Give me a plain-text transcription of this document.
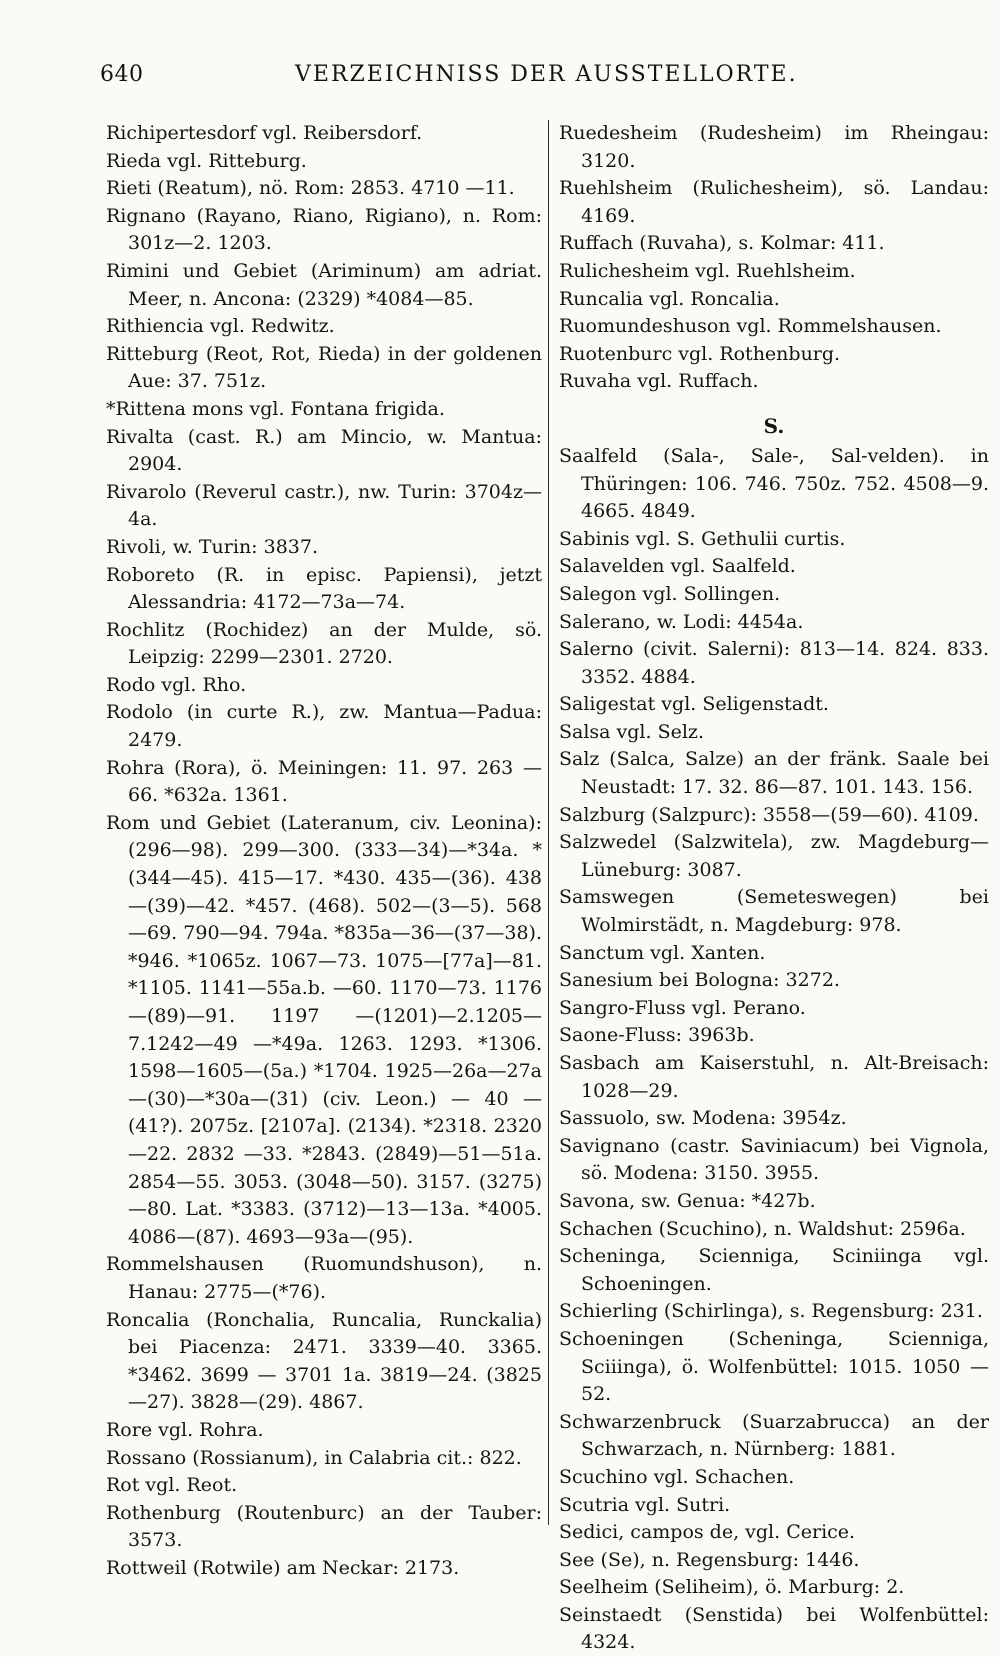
640	VERZEICHNISS DER AUSSTELLORTE.
Richipertesdorf vgl. Reibersdorf.
Rieda vgl. Ritteburg.
Rieti (Reatum), nö. Rom: 2853. 4710 —11.
Rignano (Rayano, Riano, Rigiano), n. Rom: 301z—2. 1203.
Rimini und Gebiet (Ariminum) am adriat. Meer, n. Ancona: (2329) *4084—85.
Rithiencia vgl. Redwitz.
Ritteburg (Reot, Rot, Rieda) in der goldenen Aue: 37. 751z.
*Rittena mons vgl. Fontana frigida.
Rivalta (cast. R.) am Mincio, w. Mantua: 2904.
Rivarolo (Reverul castr.), nw. Turin: 3704z—4a.
Rivoli, w. Turin: 3837.
Roboreto (R. in episc. Papiensi), jetzt Alessandria: 4172—73a—74.
Rochlitz (Rochidez) an der Mulde, sö. Leipzig: 2299—2301. 2720.
Rodo vgl. Rho.
Rodolo (in curte R.), zw. Mantua—Padua: 2479.
Rohra (Rora), ö. Meiningen: 11. 97. 263 —66. *632a. 1361.
Rom und Gebiet (Lateranum, civ. Leonina): (296—98). 299—300. (333—34)—*34a. *(344—45). 415—17. *430. 435—(36). 438—(39)—42. *457. (468). 502—(3—5). 568—69. 790—94. 794a. *835a—36—(37—38). *946. *1065z. 1067—73. 1075—[77a]—81. *1105. 1141—55a.b. —60. 1170—73. 1176—(89)—91. 1197 —(1201)—2.1205—7.1242—49 —*49a. 1263. 1293. *1306. 1598—1605—(5a.) *1704. 1925—26a—27a—(30)—*30a—(31) (civ. Leon.) — 40 — (41?). 2075z. [2107a]. (2134). *2318. 2320—22. 2832 —33. *2843. (2849)—51—51a. 2854—55. 3053. (3048—50). 3157. (3275)—80. Lat. *3383. (3712)—13—13a. *4005. 4086—(87). 4693—93a—(95).
Rommelshausen (Ruomundshuson), n. Hanau: 2775—(*76).
Roncalia (Ronchalia, Runcalia, Runckalia) bei Piacenza: 2471. 3339—40. 3365. *3462. 3699 — 3701 1a. 3819—24. (3825—27). 3828—(29). 4867.
Rore vgl. Rohra.
Rossano (Rossianum), in Calabria cit.: 822.
Rot vgl. Reot.
Rothenburg (Routenburc) an der Tauber: 3573.
Rottweil (Rotwile) am Neckar: 2173.
Ruedesheim (Rudesheim) im Rheingau: 3120.
Ruehlsheim (Rulichesheim), sö. Landau: 4169.
Ruffach (Ruvaha), s. Kolmar: 411.
Rulichesheim vgl. Ruehlsheim.
Runcalia vgl. Roncalia.
Ruomundeshuson vgl. Rommelshausen.
Ruotenburc vgl. Rothenburg.
Ruvaha vgl. Ruffach.
S.
Saalfeld (Sala-, Sale-, Sal-velden). in Thüringen: 106. 746. 750z. 752. 4508—9. 4665. 4849.
Sabinis vgl. S. Gethulii curtis.
Salavelden vgl. Saalfeld.
Salegon vgl. Sollingen.
Salerano, w. Lodi: 4454a.
Salerno (civit. Salerni): 813—14. 824. 833. 3352. 4884.
Saligestat vgl. Seligenstadt.
Salsa vgl. Selz.
Salz (Salca, Salze) an der fränk. Saale bei Neustadt: 17. 32. 86—87. 101. 143. 156.
Salzburg (Salzpurc): 3558—(59—60). 4109.
Salzwedel (Salzwitela), zw. Magdeburg—Lüneburg: 3087.
Samswegen (Semeteswegen) bei Wolmirstädt, n. Magdeburg: 978.
Sanctum vgl. Xanten.
Sanesium bei Bologna: 3272.
Sangro-Fluss vgl. Perano.
Saone-Fluss: 3963b.
Sasbach am Kaiserstuhl, n. Alt-Breisach: 1028—29.
Sassuolo, sw. Modena: 3954z.
Savignano (castr. Saviniacum) bei Vignola, sö. Modena: 3150. 3955.
Savona, sw. Genua: *427b.
Schachen (Scuchino), n. Waldshut: 2596a.
Scheninga, Scienniga, Sciniinga vgl. Schoeningen.
Schierling (Schirlinga), s. Regensburg: 231.
Schoeningen (Scheninga, Scienniga, Sciiinga), ö. Wolfenbüttel: 1015. 1050 —52.
Schwarzenbruck (Suarzabrucca) an der Schwarzach, n. Nürnberg: 1881.
Scuchino vgl. Schachen.
Scutria vgl. Sutri.
Sedici, campos de, vgl. Cerice.
See (Se), n. Regensburg: 1446.
Seelheim (Seliheim), ö. Marburg: 2.
Seinstaedt (Senstida) bei Wolfenbüttel: 4324.
